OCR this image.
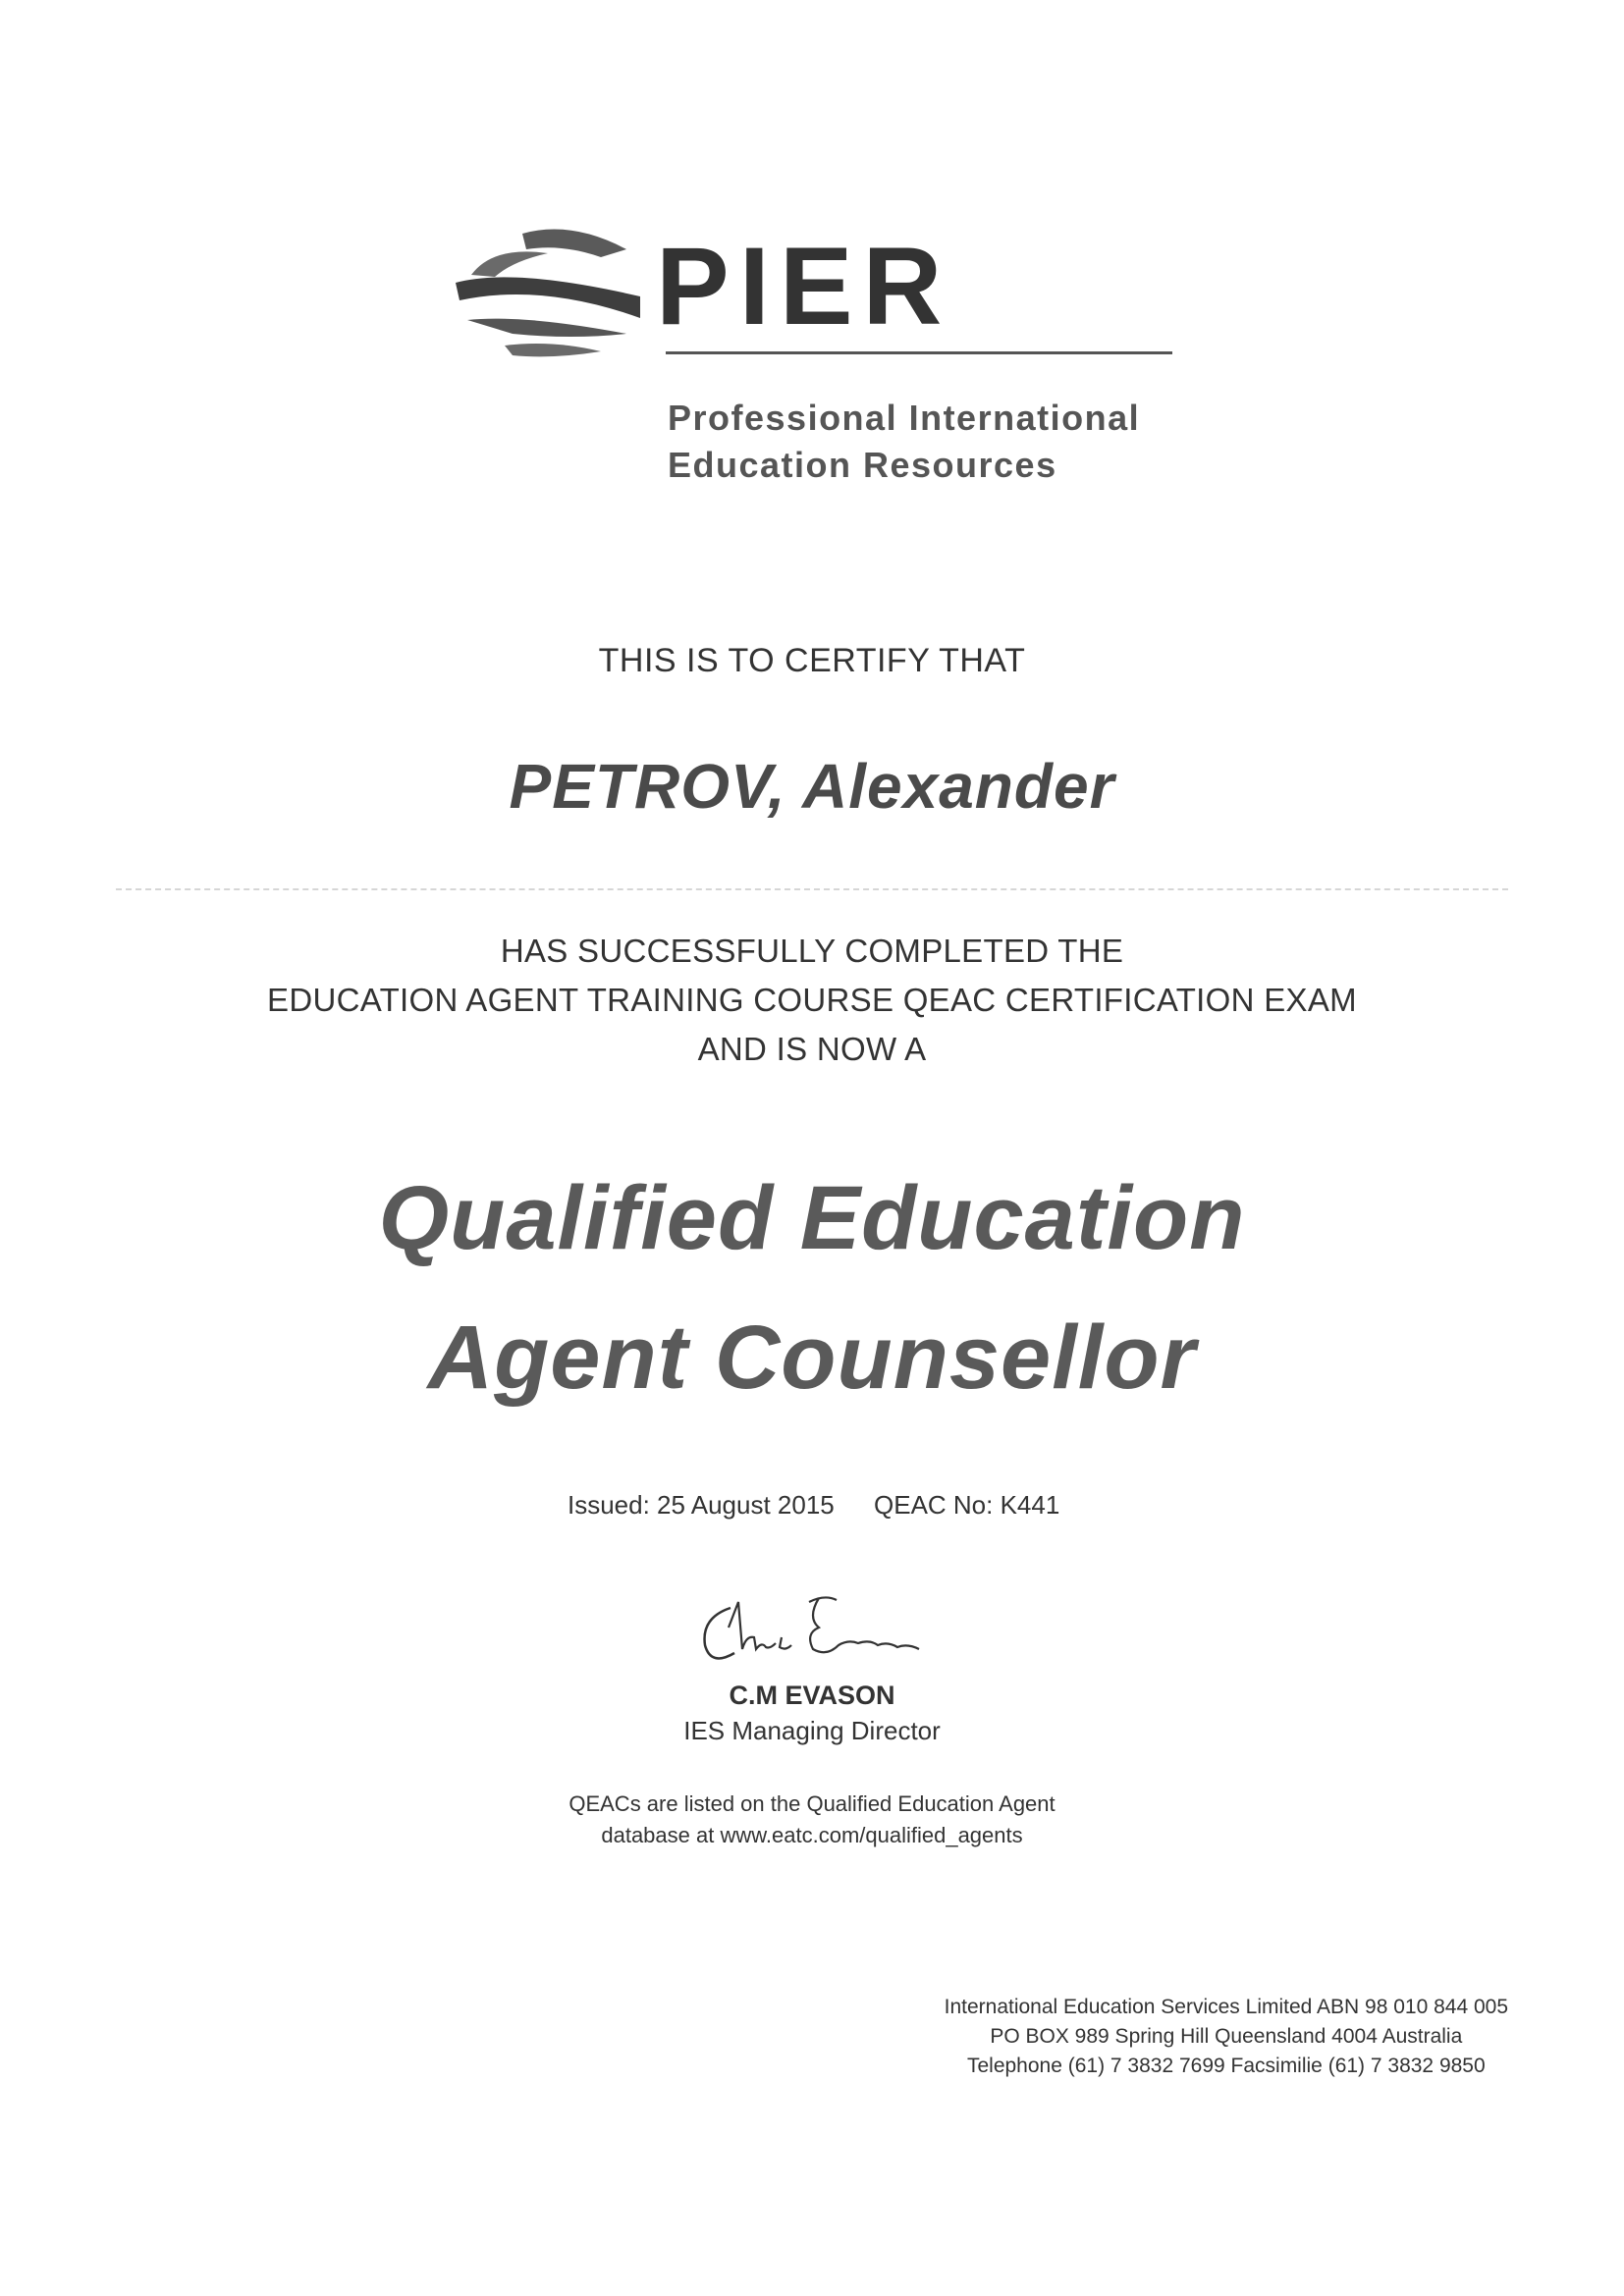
PIER
Professional International
Education Resources
THIS IS TO CERTIFY THAT
PETROV, Alexander
HAS SUCCESSFULLY COMPLETED THE
EDUCATION AGENT TRAINING COURSE QEAC CERTIFICATION EXAM
AND IS NOW A
Qualified Education
Agent Counsellor
Issued: 25 August 2015 QEAC No: K441
C.M EVASON
IES Managing Director
QEACs are listed on the Qualified Education Agent
database at www.eatc.com/qualified_agents
International Education Services Limited ABN 98 010 844 005
PO BOX 989 Spring Hill Queensland 4004 Australia
Telephone (61) 7 3832 7699 Facsimilie (61) 7 3832 9850
